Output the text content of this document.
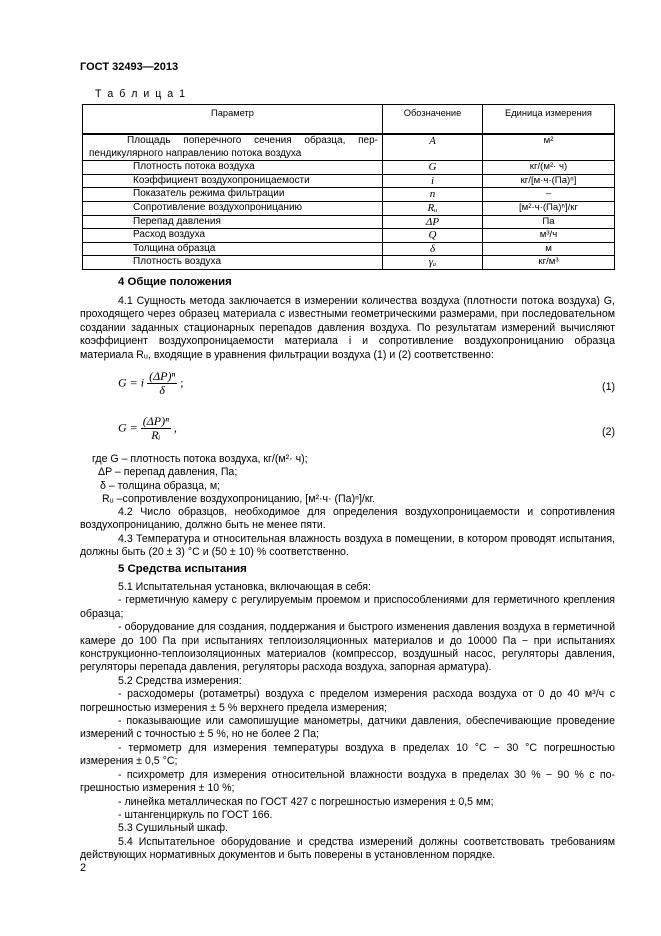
ГОСТ 32493—2013
Т а б л и ц а 1
Параметр	Обозначение	Единица измерения
Площадь поперечного сечения образца, перпендикулярного направлению потока воздуха	A	м²
Плотность потока воздуха	G	кг/(м²· ч)
Коэффициент воздухопроницаемости	i	кг/[м·ч·(Па)ⁿ]
Показатель режима фильтрации	n	–
Сопротивление воздухопроницанию	Rᵤ	[м²·ч·(Па)ⁿ]/кг
Перепад давления	ΔP	Па
Расход воздуха	Q	м³/ч
Толщина образца	δ	м
Плотность воздуха	γₐ	кг/м³
4 Общие положения

4.1 Сущность метода заключается в измерении количества воздуха (плотности потока воздуха) G, проходящего через образец материала с известными геометрическими размерами, при последовательном создании заданных стационарных перепадов давления воздуха. По результатам измерений вычисляют коэффициент воздухопроницаемости материала i и сопротивление воздухопроницанию образца материала Rᵤ, входящие в уравнения фильтрации воздуха (1) и (2) соответственно:

G = i $\frac{\text{(ΔP)ⁿ}}{\delta}$ ;	(1)
$G = \frac{\text{(ΔP)ⁿ}}{\text{Rᵢ}}$ ,	(2)

где G – плотность потока воздуха, кг/(м²· ч);

ΔP – перепад давления, Па;

δ – толщина образца, м;

Rᵤ –сопротивление воздухопроницанию, [м²·ч· (Па)ⁿ]/кг.

4.2 Число образцов, необходимое для определения воздухопроницаемости и сопротивления воздухопроницанию, должно быть не менее пяти.

4.3 Температура и относительная влажность воздуха в помещении, в котором проводят испытания, должны быть (20 ± 3) °С и (50 ± 10) % соответственно.

5 Средства испытания

5.1 Испытательная установка, включающая в себя:

- герметичную камеру с регулируемым проемом и приспособлениями для герметичного крепления образца;

- оборудование для создания, поддержания и быстрого изменения давления воздуха в герметичной камере до 100 Па при испытаниях теплоизоляционных материалов и до 10000 Па − при испытаниях конструкционно-теплоизоляционных материалов (компрессор, воздушный насос, регуляторы давления, регуляторы перепада давления, регуляторы расхода воздуха, запорная арматура).

5.2 Средства измерения:

- расходомеры (ротаметры) воздуха с пределом измерения расхода воздуха от 0 до 40 м³/ч с погрешностью измерения ± 5 % верхнего предела измерения;

- показывающие или самопишущие манометры, датчики давления, обеспечивающие проведение измерений с точностью ± 5 %, но не более 2 Па;

- термометр для измерения температуры воздуха в пределах 10 °С − 30 °С погрешностью измерения ± 0,5 °С;

- психрометр для измерения относительной влажности воздуха в пределах 30 % − 90 % с погрешностью измерения ± 10 %;

- линейка металлическая по ГОСТ 427 с погрешностью измерения ± 0,5 мм;

- штангенциркуль по ГОСТ 166.

5.3 Сушильный шкаф.

5.4 Испытательное оборудование и средства измерений должны соответствовать требованиям действующих нормативных документов и быть поверены в установленном порядке.

2
